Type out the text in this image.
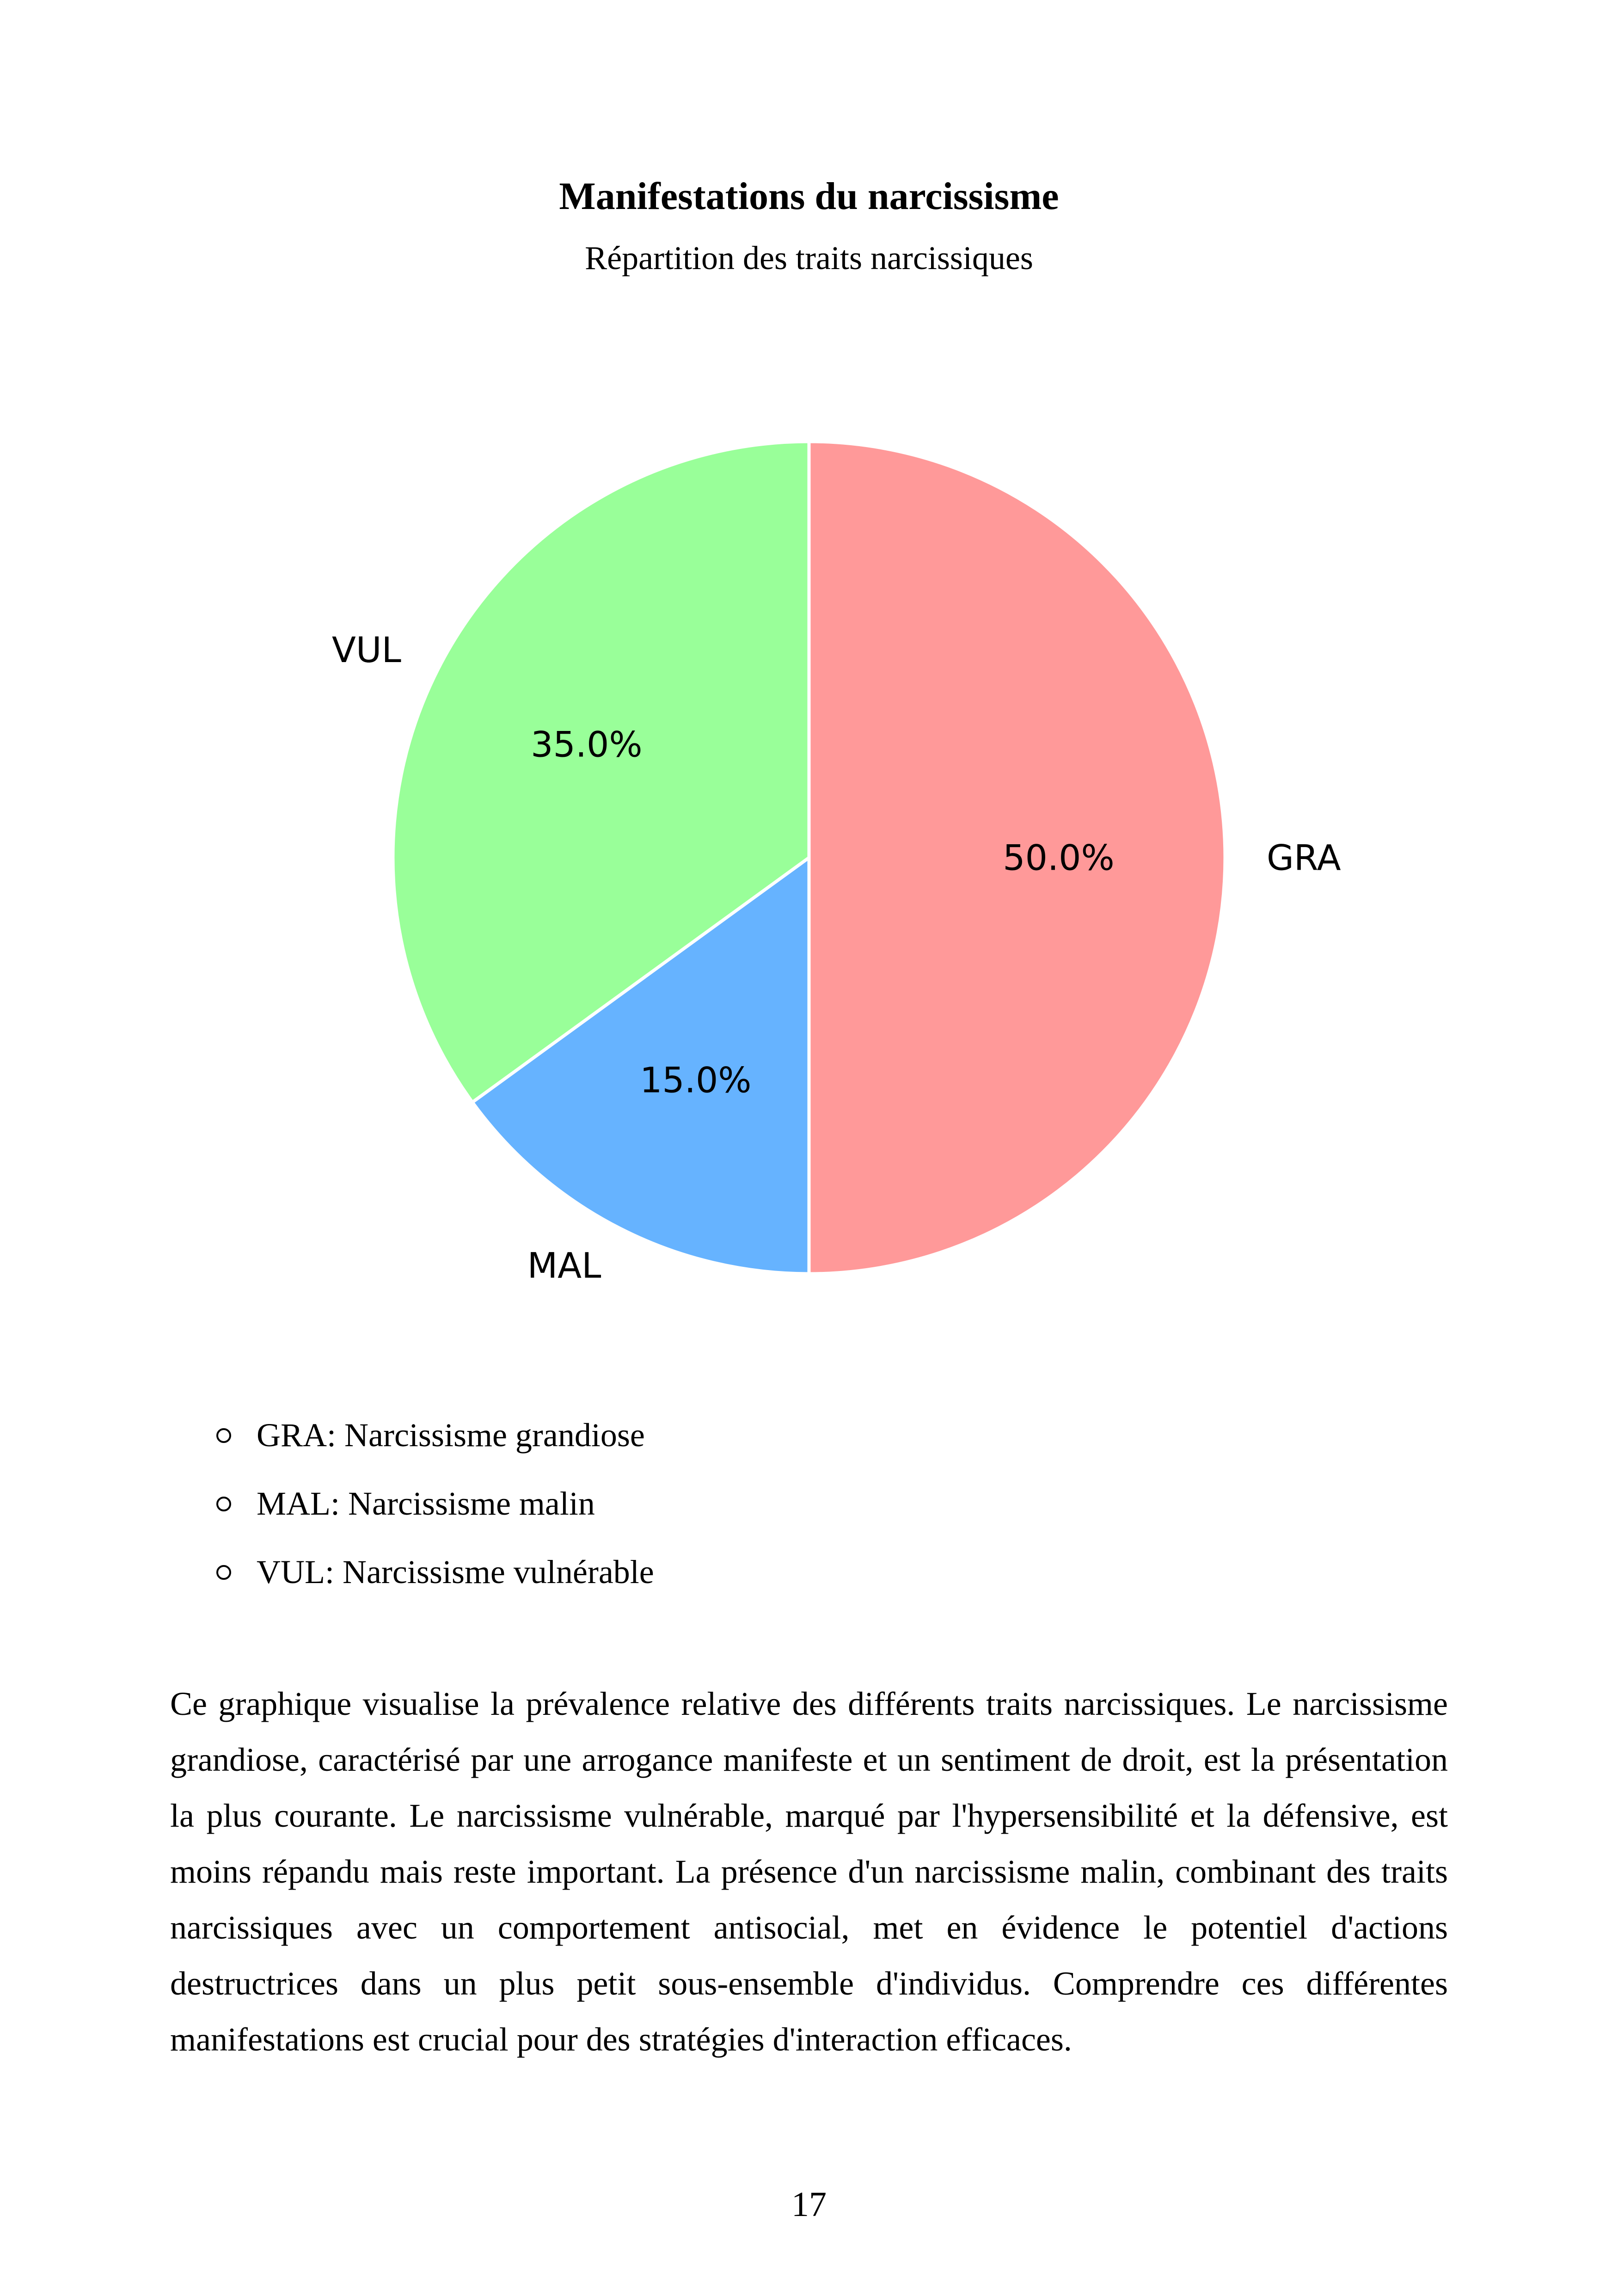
Manifestations du narcissisme
Répartition des traits narcissiques
50.0%	GRA
15.0%
MAL
35.0%
VUL
GRA: Narcissisme grandiose
MAL: Narcissisme malin
VUL: Narcissisme vulnérable

Ce graphique visualise la prévalence relative des différents traits narcissiques. Le narcissisme grandiose, caractérisé par une arrogance manifeste et un sentiment de droit, est la présentation la plus courante. Le narcissisme vulnérable, marqué par l'hypersensibilité et la défensive, est moins répandu mais reste important. La présence d'un narcissisme malin, combinant des traits narcissiques avec un comportement antisocial, met en évidence le potentiel d'actions destructrices dans un plus petit sous-ensemble d'individus. Comprendre ces différentes manifestations est crucial pour des stratégies d'interaction efficaces.

17
